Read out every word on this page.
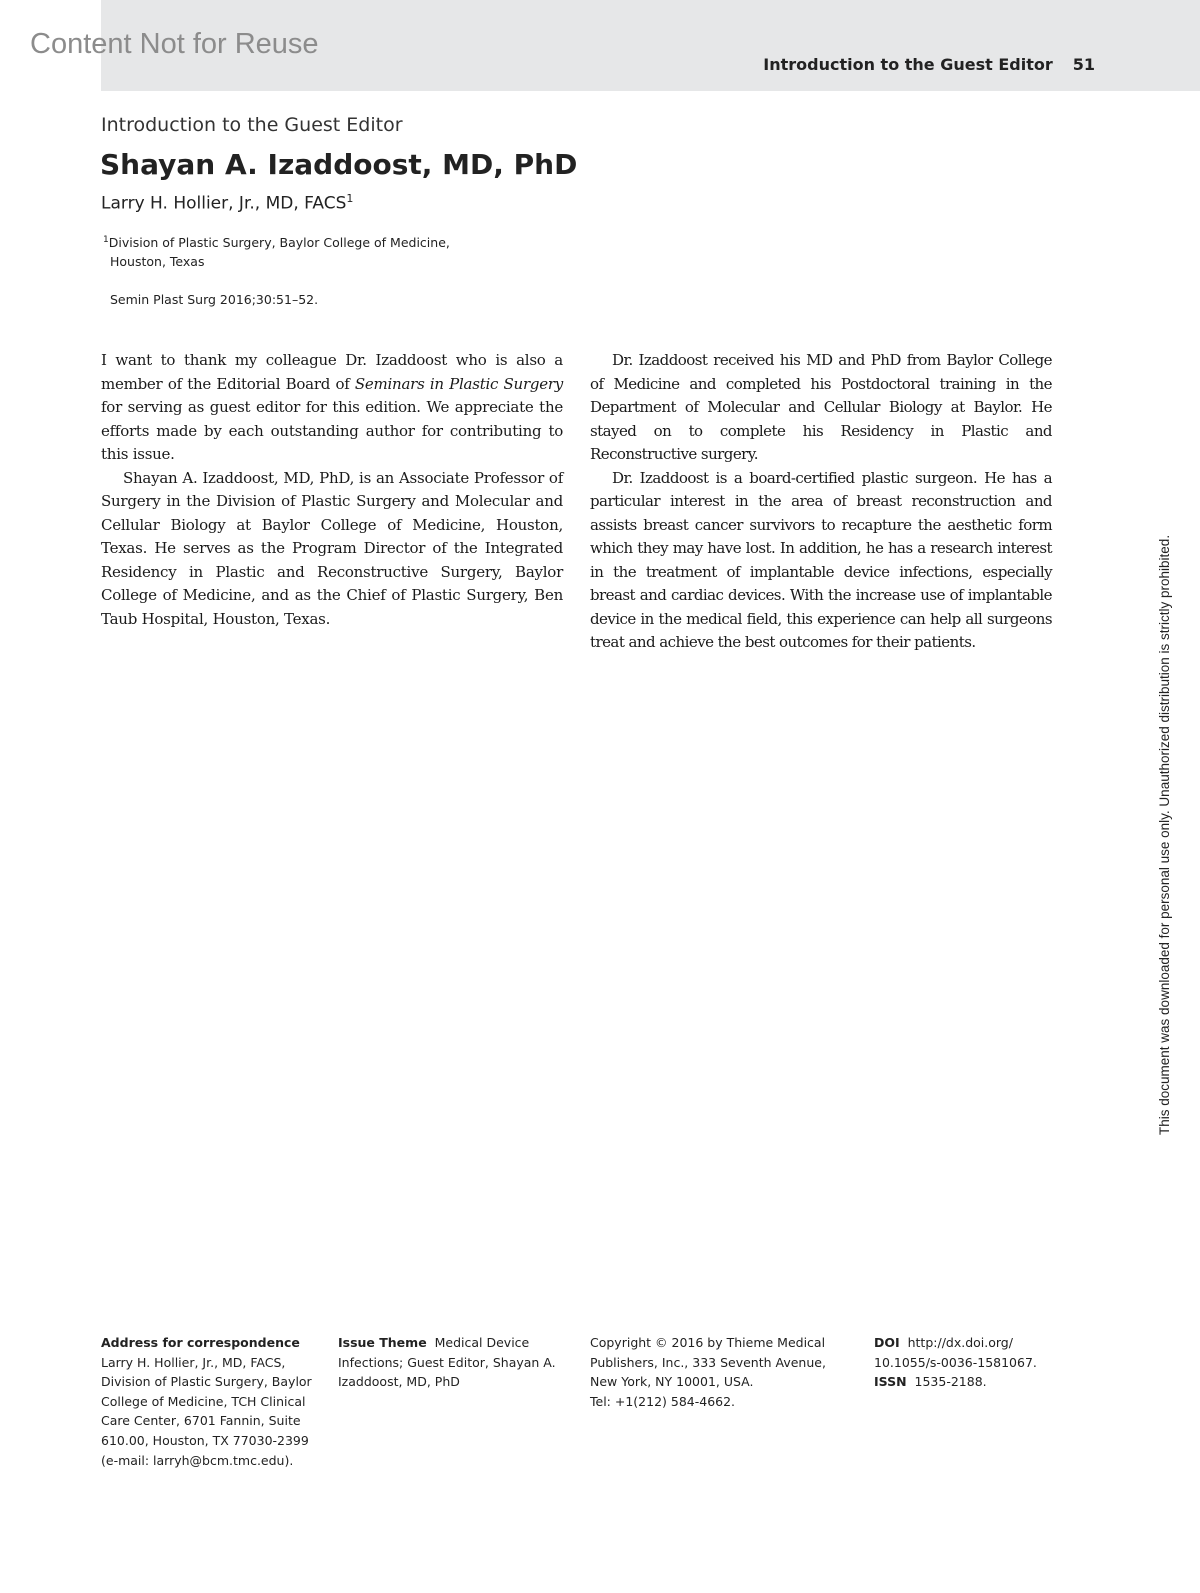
Content Not for Reuse
Introduction to the Guest Editor 51
Introduction to the Guest Editor
Shayan A. Izaddoost, MD, PhD
Larry H. Hollier, Jr., MD, FACS$^1$
$^1$Division of Plastic Surgery, Baylor College of Medicine,
Houston, Texas
Semin Plast Surg 2016;30:51–52.

I want to thank my colleague Dr. Izaddoost who is also a member of the Editorial Board of Seminars in Plastic Surgery for serving as guest editor for this edition. We appreciate the efforts made by each outstanding author for contributing to this issue.

Shayan A. Izaddoost, MD, PhD, is an Associate Professor of Surgery in the Division of Plastic Surgery and Molecular and Cellular Biology at Baylor College of Medicine, Houston, Texas. He serves as the Program Director of the Integrated Residency in Plastic and Reconstructive Surgery, Baylor College of Medicine, and as the Chief of Plastic Surgery, Ben Taub Hospital, Houston, Texas.

Dr. Izaddoost received his MD and PhD from Baylor College of Medicine and completed his Postdoctoral training in the Department of Molecular and Cellular Biology at Baylor. He stayed on to complete his Residency in Plastic and Reconstructive surgery.

Dr. Izaddoost is a board-certified plastic surgeon. He has a particular interest in the area of breast reconstruction and assists breast cancer survivors to recapture the aesthetic form which they may have lost. In addition, he has a research interest in the treatment of implantable device infections, especially breast and cardiac devices. With the increase use of implantable device in the medical field, this experience can help all surgeons treat and achieve the best outcomes for their patients.	This document was downloaded for personal use only. Unauthorized distribution is strictly prohibited.
Address for correspondence
Larry H. Hollier, Jr., MD, FACS,
Division of Plastic Surgery, Baylor
College of Medicine, TCH Clinical
Care Center, 6701 Fannin, Suite
610.00, Houston, TX 77030-2399
(e-mail: larryh@bcm.tmc.edu).
Issue Theme Medical Device
Infections; Guest Editor, Shayan A.
Izaddoost, MD, PhD
Copyright © 2016 by Thieme Medical
Publishers, Inc., 333 Seventh Avenue,
New York, NY 10001, USA.
Tel: +1(212) 584-4662.
DOI http://dx.doi.org/
10.1055/s-0036-1581067.
ISSN 1535-2188.
